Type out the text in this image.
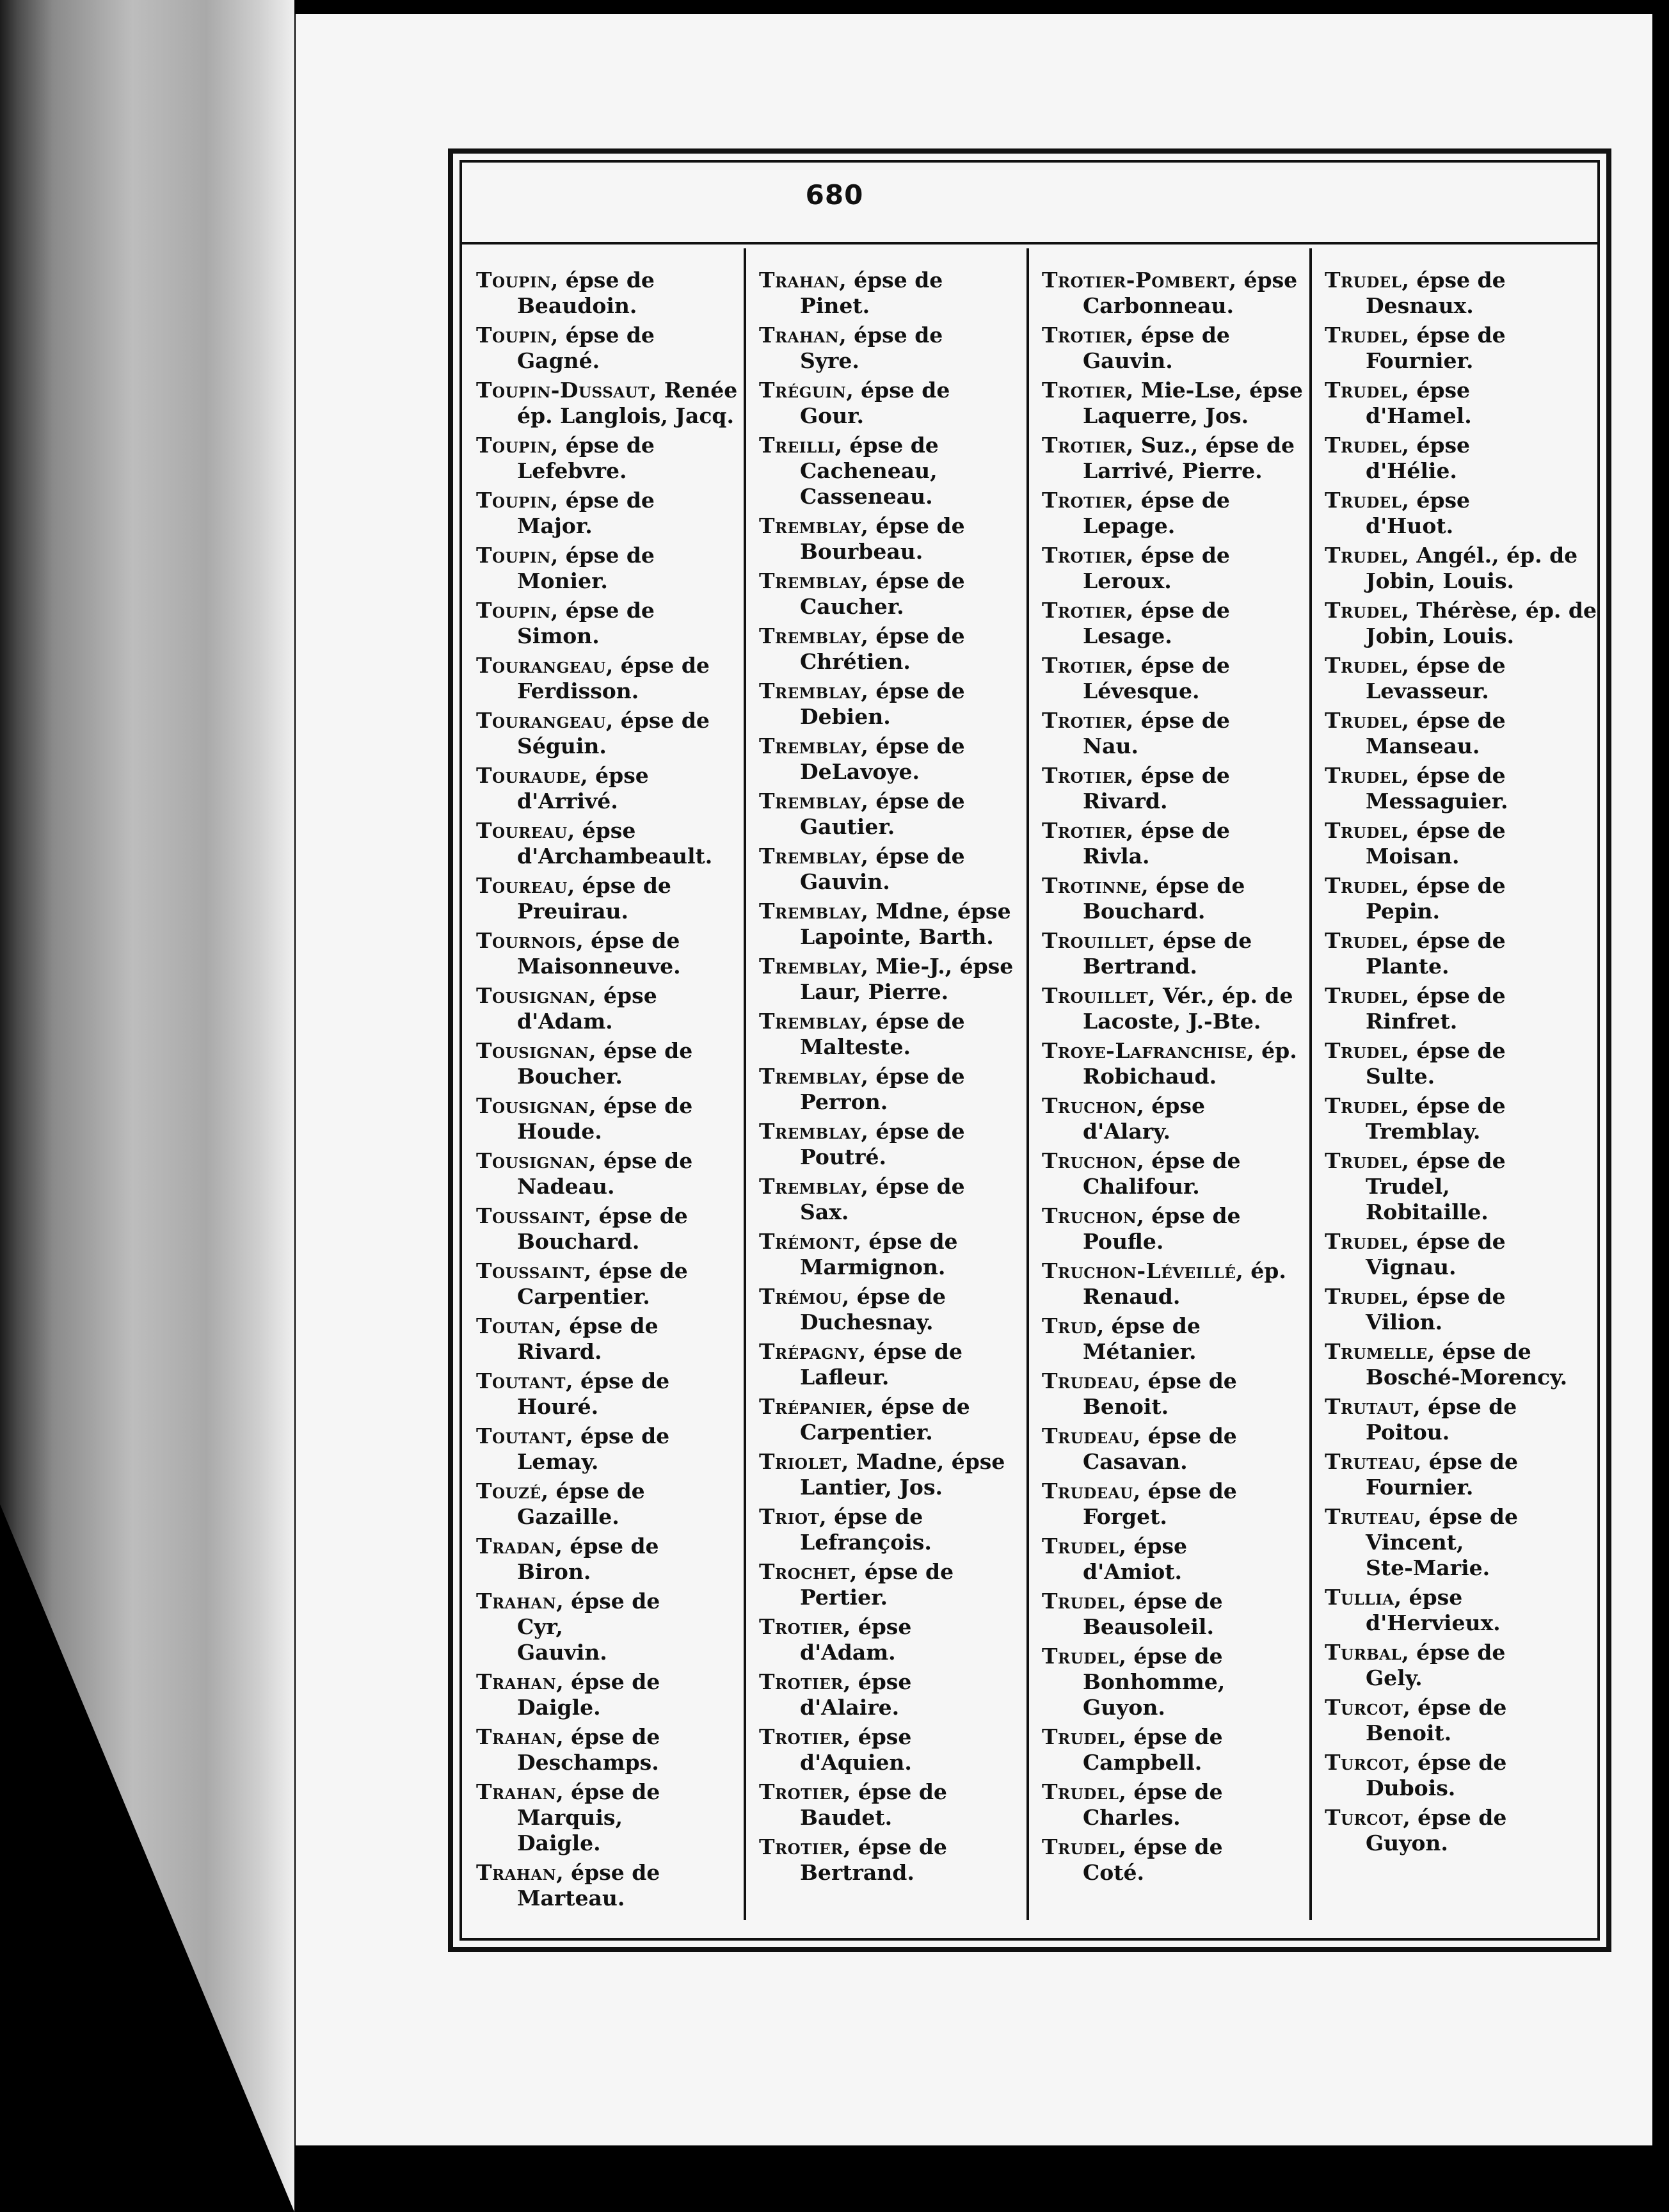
680
Toupin, épse de
Beaudoin.
Toupin, épse de
Gagné.
Toupin-Dussaut, Renée
ép. Langlois, Jacq.
Toupin, épse de
Lefebvre.
Toupin, épse de
Major.
Toupin, épse de
Monier.
Toupin, épse de
Simon.
Tourangeau, épse de
Ferdisson.
Tourangeau, épse de
Séguin.
Touraude, épse
d'Arrivé.
Toureau, épse
d'Archambeault.
Toureau, épse de
Preuirau.
Tournois, épse de
Maisonneuve.
Tousignan, épse
d'Adam.
Tousignan, épse de
Boucher.
Tousignan, épse de
Houde.
Tousignan, épse de
Nadeau.
Toussaint, épse de
Bouchard.
Toussaint, épse de
Carpentier.
Toutan, épse de
Rivard.
Toutant, épse de
Houré.
Toutant, épse de
Lemay.
Touzé, épse de
Gazaille.
Tradan, épse de
Biron.
Trahan, épse de
Cyr,
Gauvin.
Trahan, épse de
Daigle.
Trahan, épse de
Deschamps.
Trahan, épse de
Marquis,
Daigle.
Trahan, épse de
Marteau.
Trahan, épse de
Pinet.
Trahan, épse de
Syre.
Tréguin, épse de
Gour.
Treilli, épse de
Cacheneau,
Casseneau.
Tremblay, épse de
Bourbeau.
Tremblay, épse de
Caucher.
Tremblay, épse de
Chrétien.
Tremblay, épse de
Debien.
Tremblay, épse de
DeLavoye.
Tremblay, épse de
Gautier.
Tremblay, épse de
Gauvin.
Tremblay, Mdne, épse
Lapointe, Barth.
Tremblay, Mie-J., épse
Laur, Pierre.
Tremblay, épse de
Malteste.
Tremblay, épse de
Perron.
Tremblay, épse de
Poutré.
Tremblay, épse de
Sax.
Trémont, épse de
Marmignon.
Trémou, épse de
Duchesnay.
Trépagny, épse de
Lafleur.
Trépanier, épse de
Carpentier.
Triolet, Madne, épse
Lantier, Jos.
Triot, épse de
Lefrançois.
Trochet, épse de
Pertier.
Trotier, épse
d'Adam.
Trotier, épse
d'Alaire.
Trotier, épse
d'Aquien.
Trotier, épse de
Baudet.
Trotier, épse de
Bertrand.
Trotier-Pombert, épse
Carbonneau.
Trotier, épse de
Gauvin.
Trotier, Mie-Lse, épse
Laquerre, Jos.
Trotier, Suz., épse de
Larrivé, Pierre.
Trotier, épse de
Lepage.
Trotier, épse de
Leroux.
Trotier, épse de
Lesage.
Trotier, épse de
Lévesque.
Trotier, épse de
Nau.
Trotier, épse de
Rivard.
Trotier, épse de
Rivla.
Trotinne, épse de
Bouchard.
Trouillet, épse de
Bertrand.
Trouillet, Vér., ép. de
Lacoste, J.-Bte.
Troye-Lafranchise, ép.
Robichaud.
Truchon, épse
d'Alary.
Truchon, épse de
Chalifour.
Truchon, épse de
Poufle.
Truchon-Léveillé, ép.
Renaud.
Trud, épse de
Métanier.
Trudeau, épse de
Benoit.
Trudeau, épse de
Casavan.
Trudeau, épse de
Forget.
Trudel, épse
d'Amiot.
Trudel, épse de
Beausoleil.
Trudel, épse de
Bonhomme,
Guyon.
Trudel, épse de
Campbell.
Trudel, épse de
Charles.
Trudel, épse de
Coté.
Trudel, épse de
Desnaux.
Trudel, épse de
Fournier.
Trudel, épse
d'Hamel.
Trudel, épse
d'Hélie.
Trudel, épse
d'Huot.
Trudel, Angél., ép. de
Jobin, Louis.
Trudel, Thérèse, ép. de
Jobin, Louis.
Trudel, épse de
Levasseur.
Trudel, épse de
Manseau.
Trudel, épse de
Messaguier.
Trudel, épse de
Moisan.
Trudel, épse de
Pepin.
Trudel, épse de
Plante.
Trudel, épse de
Rinfret.
Trudel, épse de
Sulte.
Trudel, épse de
Tremblay.
Trudel, épse de
Trudel,
Robitaille.
Trudel, épse de
Vignau.
Trudel, épse de
Vilion.
Trumelle, épse de
Bosché-Morency.
Trutaut, épse de
Poitou.
Truteau, épse de
Fournier.
Truteau, épse de
Vincent,
Ste-Marie.
Tullia, épse
d'Hervieux.
Turbal, épse de
Gely.
Turcot, épse de
Benoit.
Turcot, épse de
Dubois.
Turcot, épse de
Guyon.
